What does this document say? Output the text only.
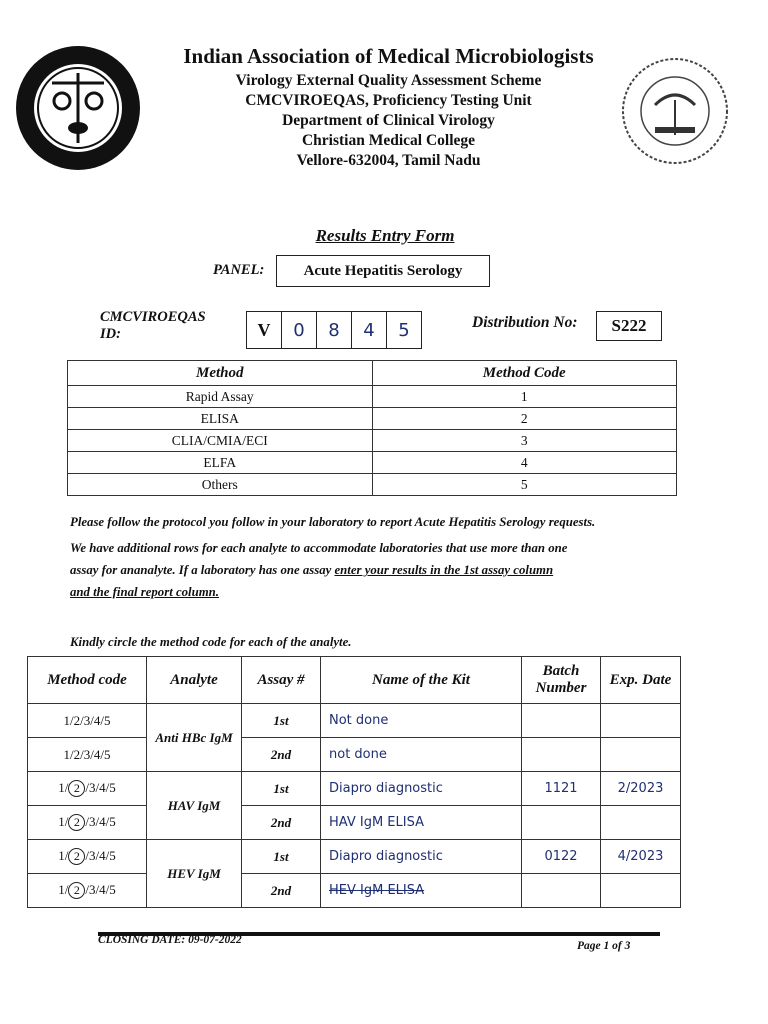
Indian Association of Medical Microbiologists
Virology External Quality Assessment Scheme
CMCVIROEQAS, Proficiency Testing Unit
Department of Clinical Virology
Christian Medical College
Vellore-632004, Tamil Nadu
Results Entry Form
PANEL:	Acute Hepatitis Serology
CMCVIROEQAS ID:	V	0	8	4	5	Distribution No:	S222
Method	Method Code
Rapid Assay	1
ELISA	2
CLIA/CMIA/ECI	3
ELFA	4
Others	5
Please follow the protocol you follow in your laboratory to report Acute Hepatitis Serology requests.
We have additional rows for each analyte to accommodate laboratories that use more than one
assay for ananalyte. If a laboratory has one assay enter your results in the 1st assay column
and the final report column.
Kindly circle the method code for each of the analyte.
Method code	Analyte	Assay #	Name of the Kit	Batch Number	Exp. Date
1/2/3/4/5	Anti HBc IgM	1st	Not done		
1/2/3/4/5		2nd	not done		
1/ 2 /3/4/5	HAV IgM	1st	Diapro diagnostic	1121	2/2023
1/ 2 /3/4/5		2nd	HAV IgM ELISA		
1/ 2 /3/4/5	HEV IgM	1st	Diapro diagnostic	0122	4/2023
1/ 2 /3/4/5		2nd	HEV IgM ELISA		
CLOSING DATE: 09-07-2022	Page 1 of 3
